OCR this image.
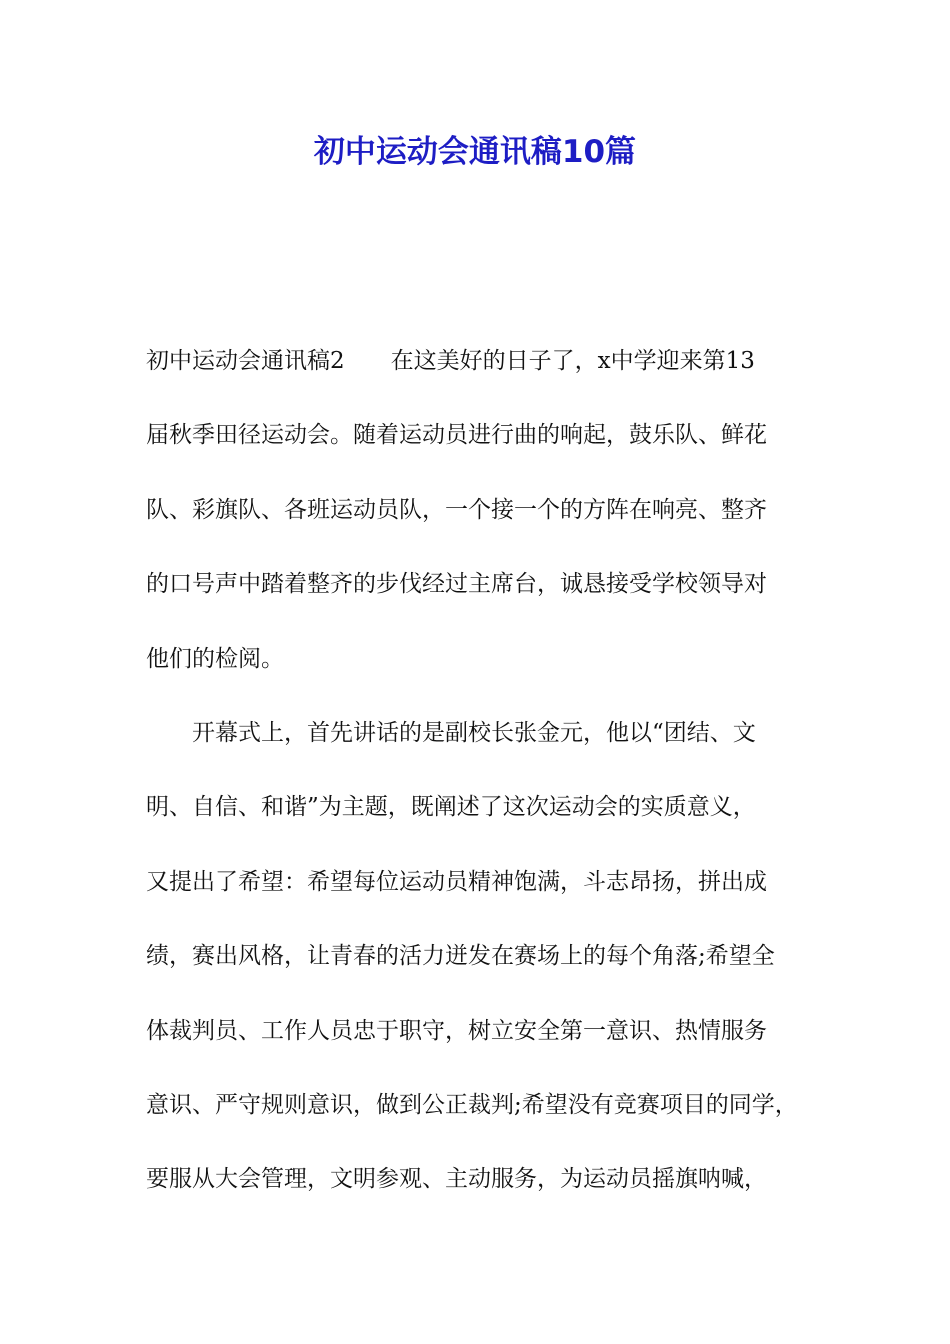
初中运动会通讯稿10篇

初中运动会通讯稿2 在这美好的日子了，x中学迎来第13

届秋季田径运动会。随着运动员进行曲的响起，鼓乐队、鲜花

队、彩旗队、各班运动员队，一个接一个的方阵在响亮、整齐

的口号声中踏着整齐的步伐经过主席台，诚恳接受学校领导对

他们的检阅。

开幕式上，首先讲话的是副校长张金元，他以“团结、文

明、自信、和谐”为主题，既阐述了这次运动会的实质意义，

又提出了希望：希望每位运动员精神饱满，斗志昂扬，拼出成

绩，赛出风格，让青春的活力迸发在赛场上的每个角落;希望全

体裁判员、工作人员忠于职守，树立安全第一意识、热情服务

意识、严守规则意识，做到公正裁判;希望没有竞赛项目的同学，

要服从大会管理，文明参观、主动服务，为运动员摇旗呐喊，
